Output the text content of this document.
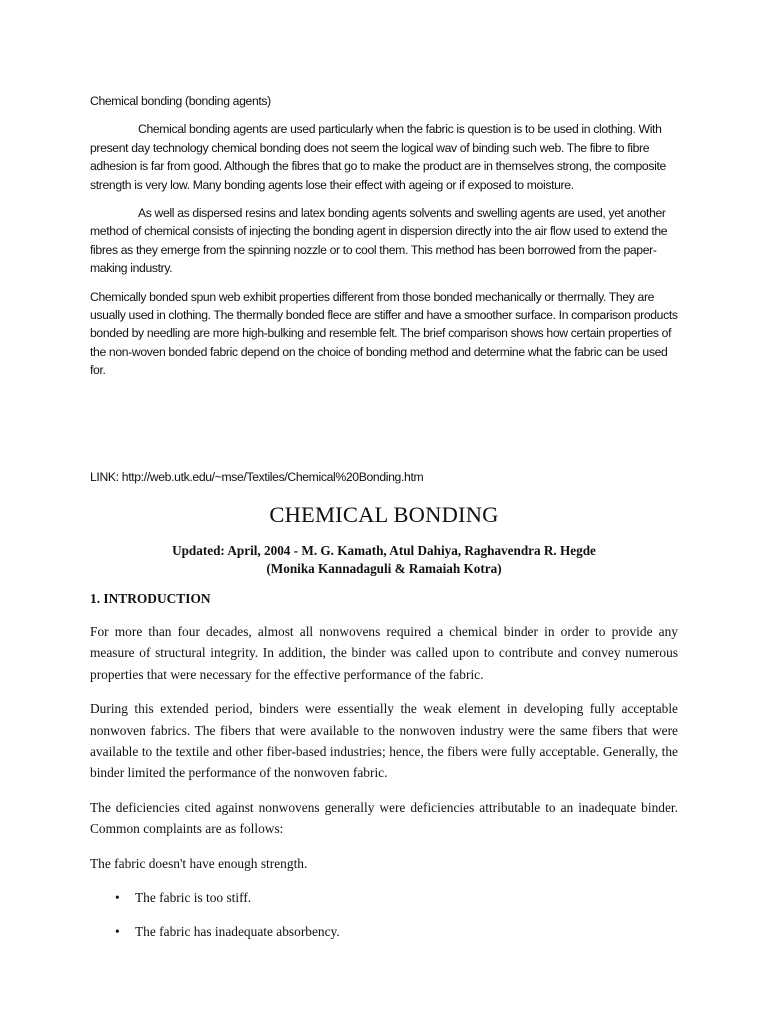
Chemical bonding (bonding agents)

Chemical bonding agents are used particularly when the fabric is question is to be used in clothing. With present day technology chemical bonding does not seem the logical wav of binding such web. The fibre to fibre adhesion is far from good. Although the fibres that go to make the product are in themselves strong, the composite strength is very low. Many bonding agents lose their effect with ageing or if exposed to moisture.

As well as dispersed resins and latex bonding agents solvents and swelling agents are used, yet another method of chemical consists of injecting the bonding agent in dispersion directly into the air flow used to extend the fibres as they emerge from the spinning nozzle or to cool them. This method has been borrowed from the paper-making industry.

Chemically bonded spun web exhibit properties different from those bonded mechanically or thermally. They are usually used in clothing. The thermally bonded flece are stiffer and have a smoother surface. In comparison products bonded by needling are more high-bulking and resemble felt. The brief comparison shows how certain properties of the non-woven bonded fabric depend on the choice of bonding method and determine what the fabric can be used for.

LINK: http://web.utk.edu/~mse/Textiles/Chemical%20Bonding.htm
CHEMICAL BONDING
Updated: April, 2004 - M. G. Kamath, Atul Dahiya, Raghavendra R. Hegde
(Monika Kannadaguli & Ramaiah Kotra)
1. INTRODUCTION

For more than four decades, almost all nonwovens required a chemical binder in order to provide any measure of structural integrity. In addition, the binder was called upon to contribute and convey numerous properties that were necessary for the effective performance of the fabric.

During this extended period, binders were essentially the weak element in developing fully acceptable nonwoven fabrics. The fibers that were available to the nonwoven industry were the same fibers that were available to the textile and other fiber-based industries; hence, the fibers were fully acceptable. Generally, the binder limited the performance of the nonwoven fabric.

The deficiencies cited against nonwovens generally were deficiencies attributable to an inadequate binder. Common complaints are as follows:

The fabric doesn't have enough strength.

• The fabric is too stiff.
• The fabric has inadequate absorbency.
